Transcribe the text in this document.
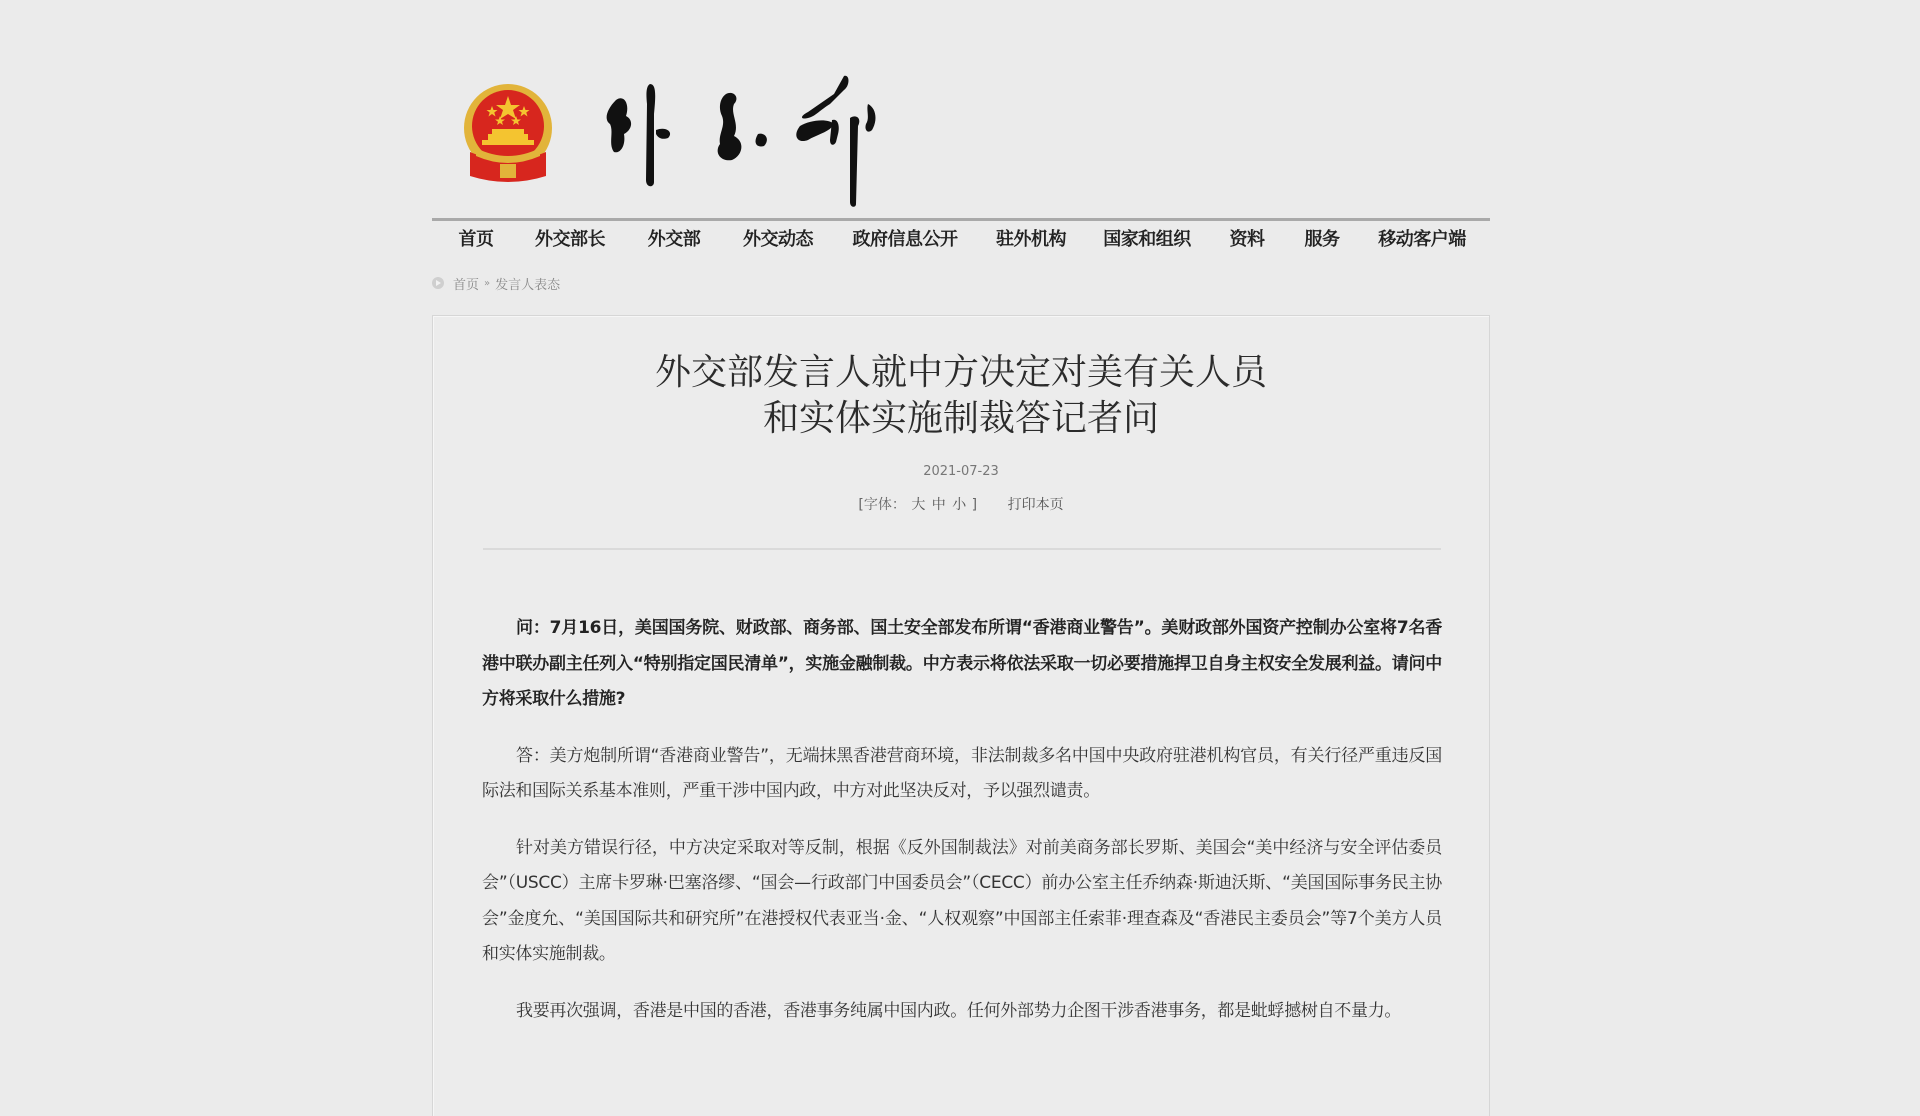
首页 外交部长 外交部 外交动态 政府信息公开 驻外机构 国家和组织 资料 服务 移动客户端
首页 » 发言人表态
外交部发言人就中方决定对美有关人员
和实体实施制裁答记者问
2021-07-23
[字体： 大 中 小 ] 打印本页

问：7月16日，美国国务院、财政部、商务部、国土安全部发布所谓“香港商业警告”。美财政部外国资产控制办公室将7名香港中联办副主任列入“特别指定国民清单”，实施金融制裁。中方表示将依法采取一切必要措施捍卫自身主权安全发展利益。请问中方将采取什么措施?

答：美方炮制所谓“香港商业警告”，无端抹黑香港营商环境，非法制裁多名中国中央政府驻港机构官员，有关行径严重违反国际法和国际关系基本准则，严重干涉中国内政，中方对此坚决反对，予以强烈谴责。

针对美方错误行径，中方决定采取对等反制，根据《反外国制裁法》对前美商务部长罗斯、美国会“美中经济与安全评估委员会”（USCC）主席卡罗琳·巴塞洛缪、“国会—行政部门中国委员会”（CECC）前办公室主任乔纳森·斯迪沃斯、“美国国际事务民主协会”金度允、“美国国际共和研究所”在港授权代表亚当·金、“人权观察”中国部主任索菲·理查森及“香港民主委员会”等7个美方人员和实体实施制裁。

我要再次强调，香港是中国的香港，香港事务纯属中国内政。任何外部势力企图干涉香港事务，都是蚍蜉撼树自不量力。
